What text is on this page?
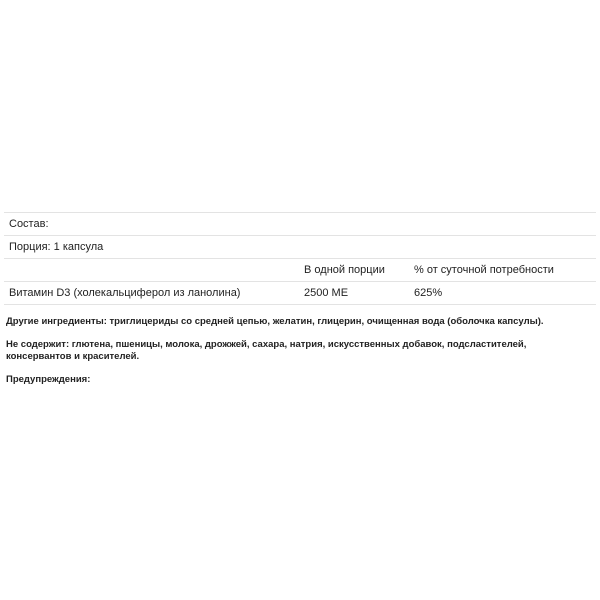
Состав:		
Порция: 1 капсула		
	В одной порции	% от суточной потребности
Витамин D3 (холекальциферол из ланолина)	2500 МЕ	625%

Другие ингредиенты: триглицериды со средней цепью, желатин, глицерин, очищенная вода (оболочка капсулы).

Не содержит: глютена, пшеницы, молока, дрожжей, сахара, натрия, искусственных добавок, подсластителей, консервантов и красителей.

Предупреждения:
